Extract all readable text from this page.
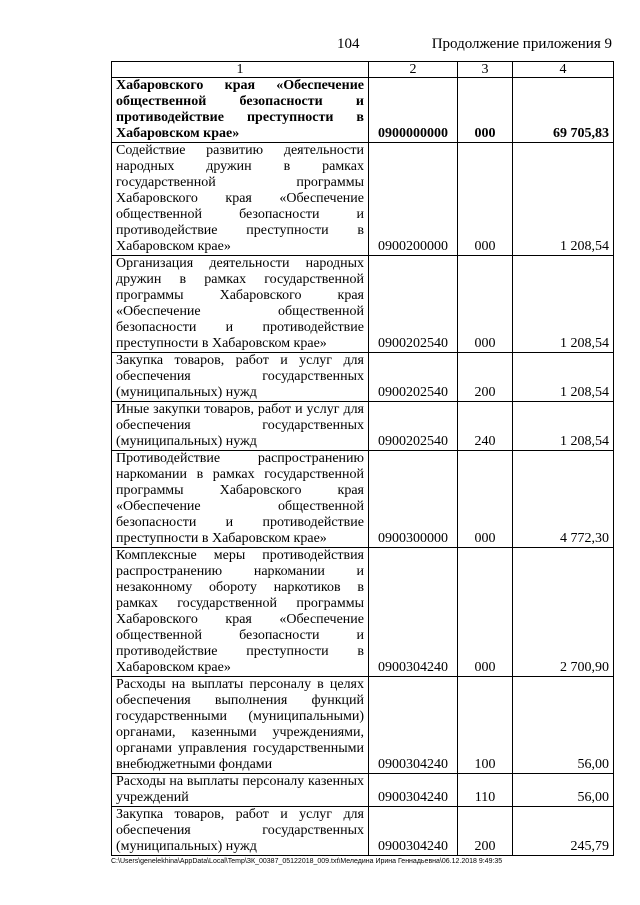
104	Продолжение приложения 9
1	2	3	4
Хабаровского края «Обеспечение общественной безопасности и противодействие преступности в Хабаровском крае»	0900000000	000	69 705,83
Содействие развитию деятельности народных дружин в рамках государственной программы Хабаровского края «Обеспечение общественной безопасности и противодействие преступности в Хабаровском крае»	0900200000	000	1 208,54
Организация деятельности народных дружин в рамках государственной программы Хабаровского края «Обеспечение общественной безопасности и противодействие преступности в Хабаровском крае»	0900202540	000	1 208,54
Закупка товаров, работ и услуг для обеспечения государственных (муниципальных) нужд	0900202540	200	1 208,54
Иные закупки товаров, работ и услуг для обеспечения государственных (муниципальных) нужд	0900202540	240	1 208,54
Противодействие распространению наркомании в рамках государственной программы Хабаровского края «Обеспечение общественной безопасности и противодействие преступности в Хабаровском крае»	0900300000	000	4 772,30
Комплексные меры противодействия распространению наркомании и незаконному обороту наркотиков в рамках государственной программы Хабаровского края «Обеспечение общественной безопасности и противодействие преступности в Хабаровском крае»	0900304240	000	2 700,90
Расходы на выплаты персоналу в целях обеспечения выполнения функций государственными (муниципальными) органами, казенными учреждениями, органами управления государственными внебюджетными фондами	0900304240	100	56,00
Расходы на выплаты персоналу казенных учреждений	0900304240	110	56,00
Закупка товаров, работ и услуг для обеспечения государственных (муниципальных) нужд	0900304240	200	245,79
C:\Users\genelekhina\AppData\Local\Temp\ЗК_00387_05122018_009.txt\Меледина Ирина Геннадьевна\06.12.2018 9:49:35
